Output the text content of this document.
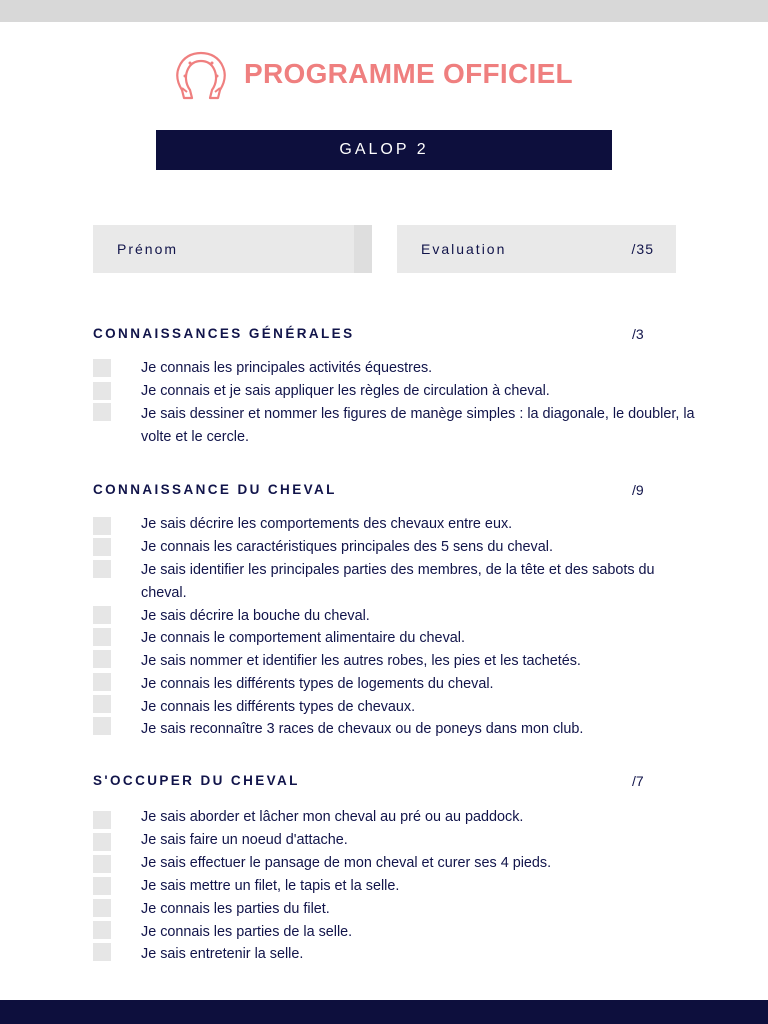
PROGRAMME OFFICIEL
GALOP 2
Prénom	Evaluation	/35
CONNAISSANCES GÉNÉRALES	/3
Je connais les principales activités équestres.
Je connais et je sais appliquer les règles de circulation à cheval.
Je sais dessiner et nommer les figures de manège simples : la diagonale, le doubler, la volte et le cercle.
CONNAISSANCE DU CHEVAL	/9
Je sais décrire les comportements des chevaux entre eux.
Je connais les caractéristiques principales des 5 sens du cheval.
Je sais identifier les principales parties des membres, de la tête et des sabots du cheval.
Je sais décrire la bouche du cheval.
Je connais le comportement alimentaire du cheval.
Je sais nommer et identifier les autres robes, les pies et les tachetés.
Je connais les différents types de logements du cheval.
Je connais les différents types de chevaux.
Je sais reconnaître 3 races de chevaux ou de poneys dans mon club.
S'OCCUPER DU CHEVAL	/7
Je sais aborder et lâcher mon cheval au pré ou au paddock.
Je sais faire un noeud d'attache.
Je sais effectuer le pansage de mon cheval et curer ses 4 pieds.
Je sais mettre un filet, le tapis et la selle.
Je connais les parties du filet.
Je connais les parties de la selle.
Je sais entretenir la selle.
